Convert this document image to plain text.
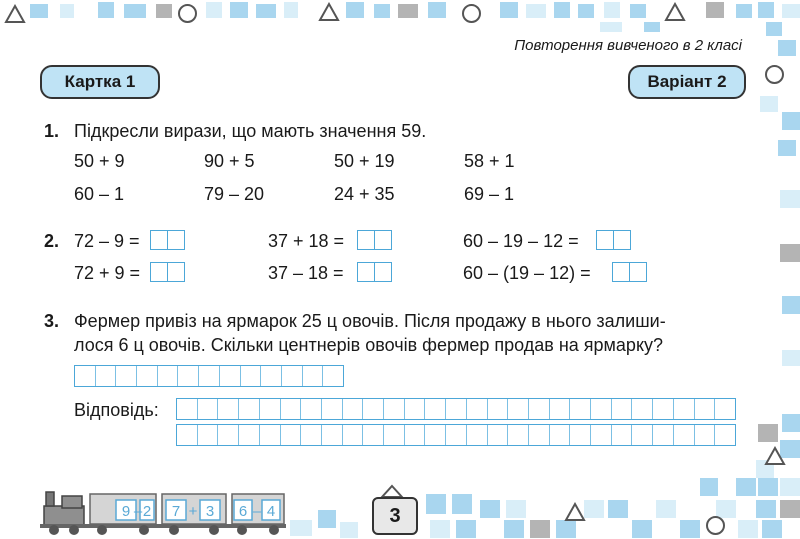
Повторення вивченого в 2 класі
Картка 1	Варіант 2
1. Підкресли вирази, що мають значення 59.
50 + 9	90 + 5	50 + 19	58 + 1
60 – 1	79 – 20	24 + 35	69 – 1
2. 72 – 9 =	37 + 18 =	60 – 19 – 12 =
72 + 9 =	37 – 18 =	60 – (19 – 12) =
3. Фермер привіз на ярмарок 25 ц овочів. Після продажу в нього залиши-
лося 6 ц овочів. Скільки центнерів овочів фермер продав на ярмарку?
Відповідь:
9 – 2 7 + 3 6 – 4	3
